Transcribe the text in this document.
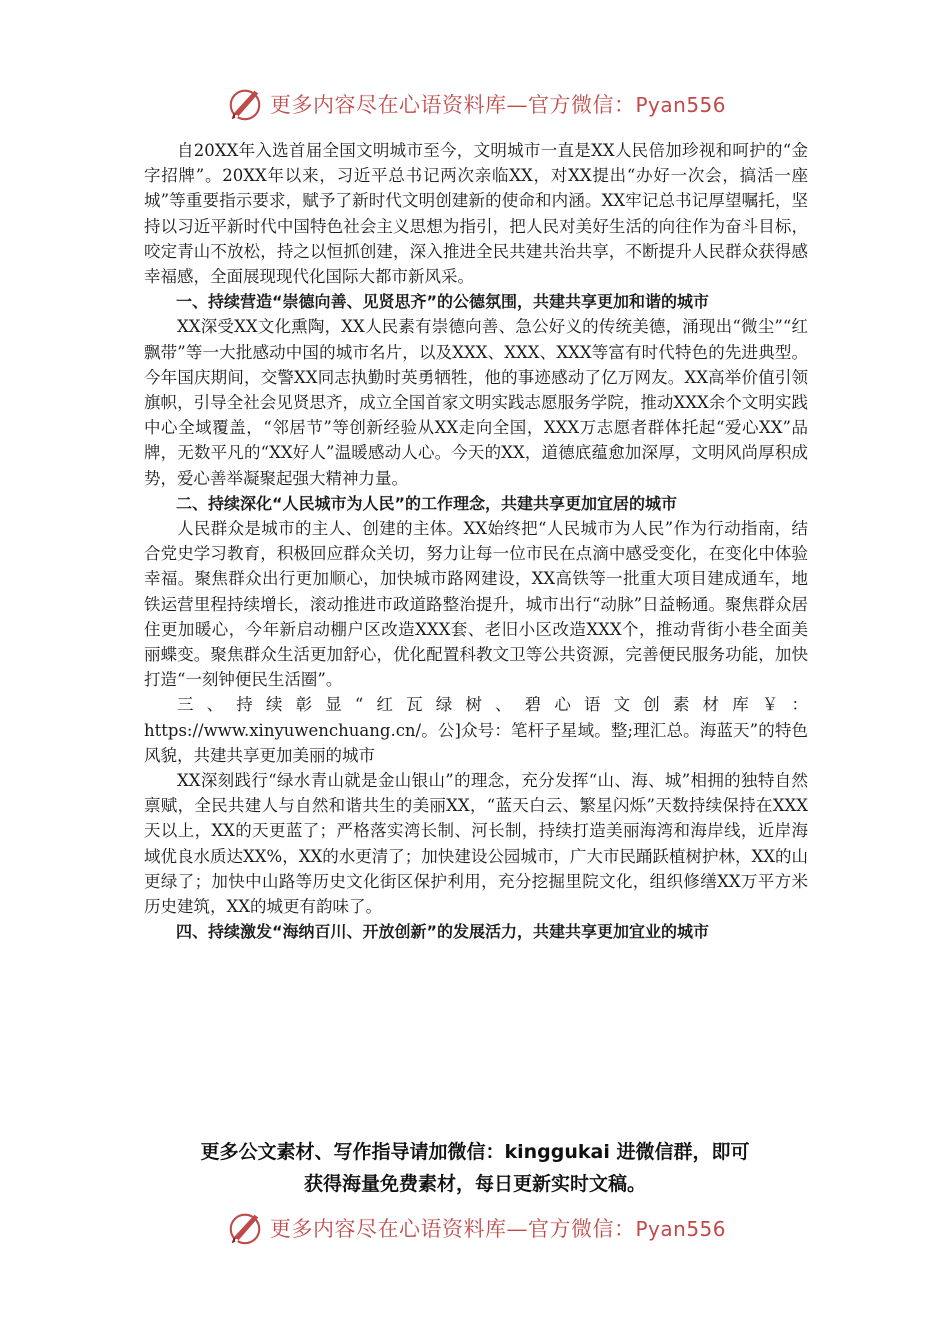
更多内容尽在心语资料库—官方微信：Pyan556

自20XX年入选首届全国文明城市至今，文明城市一直是XX人民倍加珍视和呵护的“金字招牌”。20XX年以来，习近平总书记两次亲临XX，对XX提出“办好一次会，搞活一座城”等重要指示要求，赋予了新时代文明创建新的使命和内涵。XX牢记总书记厚望嘱托，坚持以习近平新时代中国特色社会主义思想为指引，把人民对美好生活的向往作为奋斗目标，咬定青山不放松，持之以恒抓创建，深入推进全民共建共治共享，不断提升人民群众获得感幸福感，全面展现现代化国际大都市新风采。

一、持续营造“崇德向善、见贤思齐”的公德氛围，共建共享更加和谐的城市

XX深受XX文化熏陶，XX人民素有崇德向善、急公好义的传统美德，涌现出“微尘”“红飘带”等一大批感动中国的城市名片，以及XXX、XXX、XXX等富有时代特色的先进典型。今年国庆期间，交警XX同志执勤时英勇牺牲，他的事迹感动了亿万网友。XX高举价值引领旗帜，引导全社会见贤思齐，成立全国首家文明实践志愿服务学院，推动XXX余个文明实践中心全域覆盖，“邻居节”等创新经验从XX走向全国，XXX万志愿者群体托起“爱心XX”品牌，无数平凡的“XX好人”温暖感动人心。今天的XX，道德底蕴愈加深厚，文明风尚厚积成势，爱心善举凝聚起强大精神力量。

二、持续深化“人民城市为人民”的工作理念，共建共享更加宜居的城市

人民群众是城市的主人、创建的主体。XX始终把“人民城市为人民”作为行动指南，结合党史学习教育，积极回应群众关切，努力让每一位市民在点滴中感受变化，在变化中体验幸福。聚焦群众出行更加顺心，加快城市路网建设，XX高铁等一批重大项目建成通车，地铁运营里程持续增长，滚动推进市政道路整治提升，城市出行“动脉”日益畅通。聚焦群众居住更加暖心，今年新启动棚户区改造XXX套、老旧小区改造XXX个，推动背街小巷全面美丽蝶变。聚焦群众生活更加舒心，优化配置科教文卫等公共资源，完善便民服务功能，加快打造“一刻钟便民生活圈”。

三、持续彰显“红瓦绿树、碧心语文创素材库￥：https://www.xinyuwenchuang.cn/。公]众号：笔杆子星域。整;理汇总。海蓝天”的特色风貌，共建共享更加美丽的城市

XX深刻践行“绿水青山就是金山银山”的理念，充分发挥“山、海、城”相拥的独特自然禀赋，全民共建人与自然和谐共生的美丽XX，“蓝天白云、繁星闪烁”天数持续保持在XXX天以上，XX的天更蓝了；严格落实湾长制、河长制，持续打造美丽海湾和海岸线，近岸海域优良水质达XX%，XX的水更清了；加快建设公园城市，广大市民踊跃植树护林，XX的山更绿了；加快中山路等历史文化街区保护利用，充分挖掘里院文化，组织修缮XX万平方米历史建筑，XX的城更有韵味了。

四、持续激发“海纳百川、开放创新”的发展活力，共建共享更加宜业的城市

更多公文素材、写作指导请加微信：kinggukai 进微信群，即可
获得海量免费素材，每日更新实时文稿。
更多内容尽在心语资料库—官方微信：Pyan556
